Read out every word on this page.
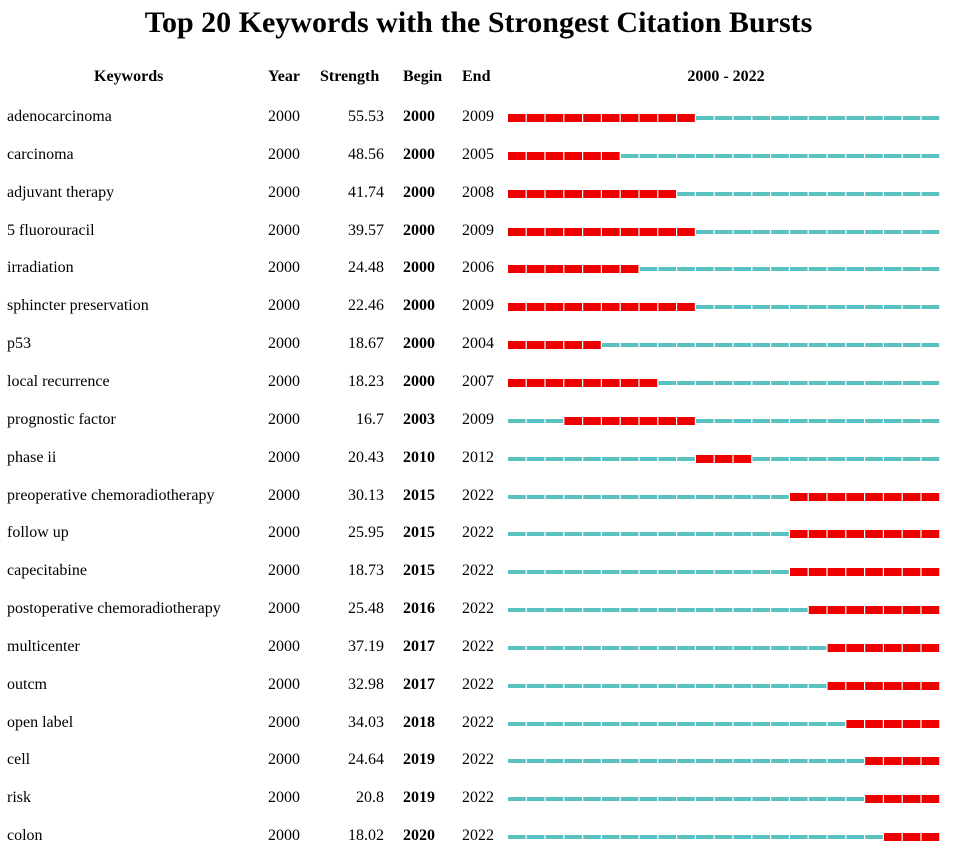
Top 20 Keywords with the Strongest Citation Bursts
Keywords	Year Strength Begin End	2000 - 2022
adenocarcinoma	2000	55.53 2000 2009
carcinoma	2000	48.56 2000 2005
adjuvant therapy	2000	41.74 2000 2008
5 fluorouracil	2000	39.57 2000 2009
irradiation	2000	24.48 2000 2006
sphincter preservation	2000	22.46 2000 2009
p53	2000	18.67 2000 2004
local recurrence	2000	18.23 2000 2007
prognostic factor	2000	16.7 2003 2009
phase ii	2000	20.43 2010 2012
preoperative chemoradiotherapy	2000	30.13 2015 2022
follow up	2000	25.95 2015 2022
capecitabine	2000	18.73 2015 2022
postoperative chemoradiotherapy	2000	25.48 2016 2022
multicenter	2000	37.19 2017 2022
outcm	2000	32.98 2017 2022
open label	2000	34.03 2018 2022
cell	2000	24.64 2019 2022
risk	2000	20.8 2019 2022
colon	2000	18.02 2020 2022
